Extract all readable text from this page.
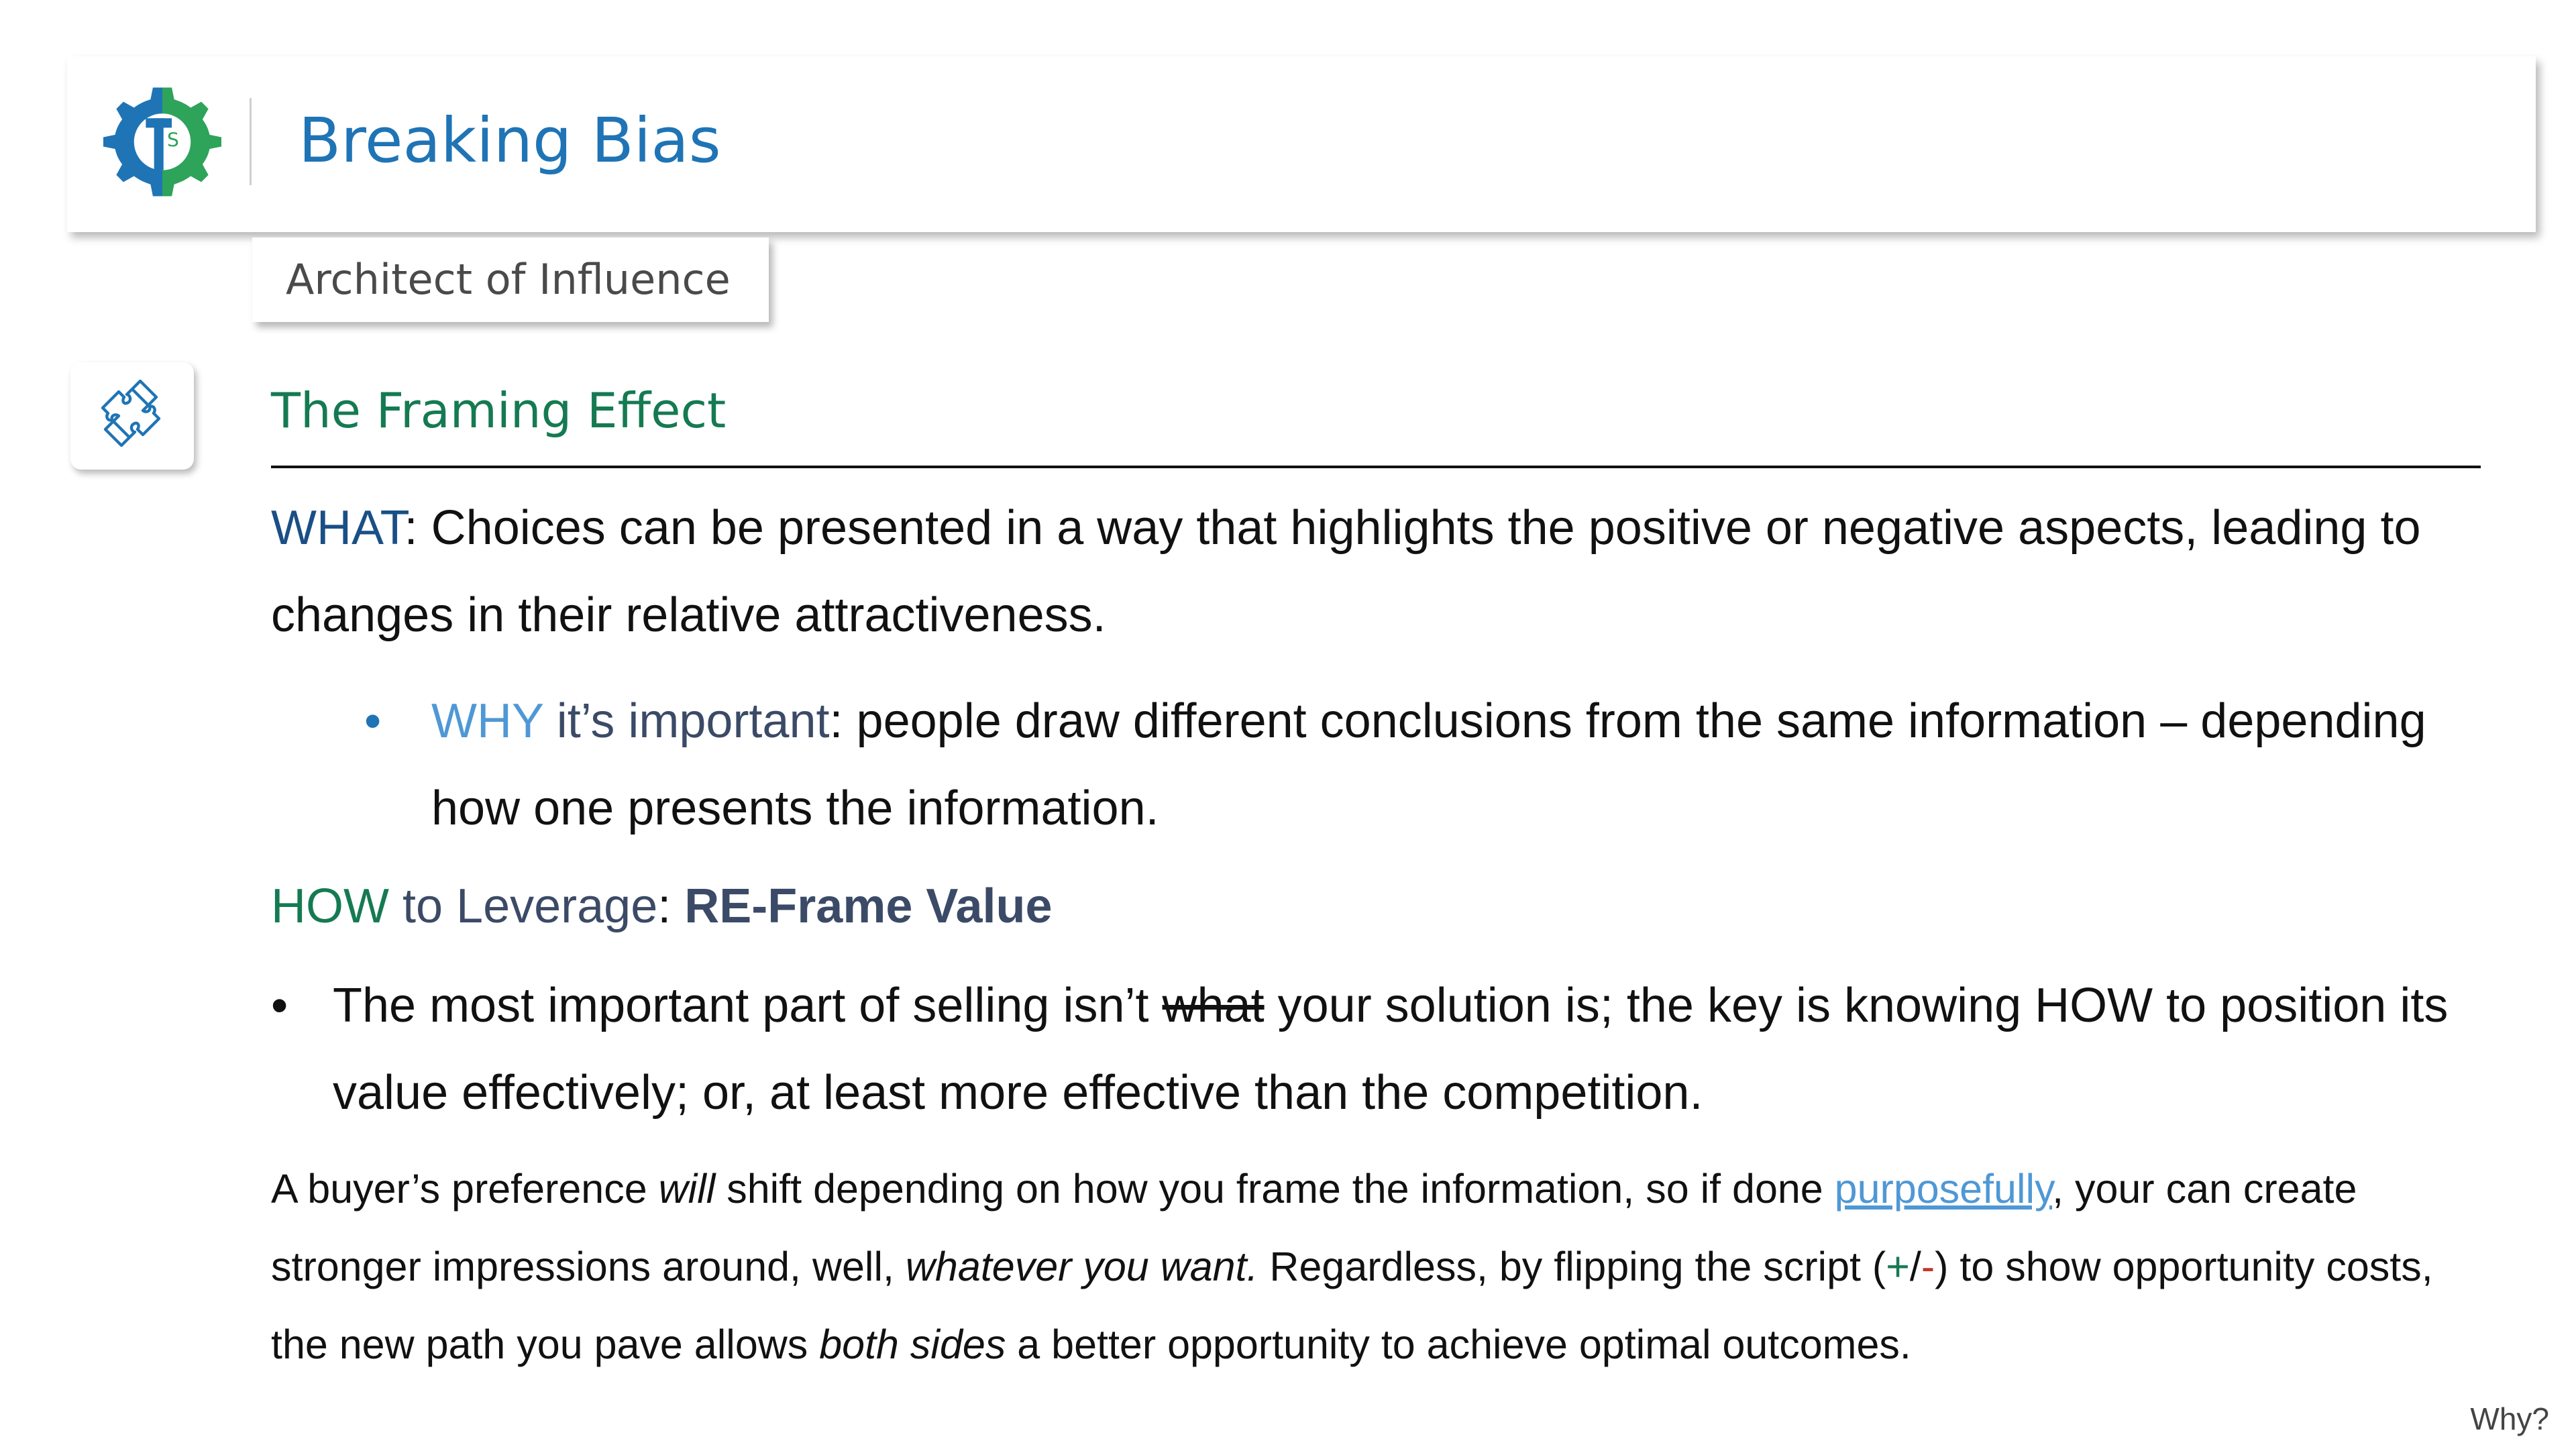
S Breaking Bias
Architect of Influence
The Framing Effect

WHAT: Choices can be presented in a way that highlights the positive or negative aspects, leading to changes in their relative attractiveness.

• WHY it’s important: people draw different conclusions from the same information – depending how one presents the information.

HOW to Leverage: RE-Frame Value

• The most important part of selling isn’t what your solution is; the key is knowing HOW to position its value effectively; or, at least more effective than the competition.

A buyer’s preference will shift depending on how you frame the information, so if done purposefully, your can create stronger impressions around, well, whatever you want. Regardless, by flipping the script (+/-) to show opportunity costs, the new path you pave allows both sides a better opportunity to achieve optimal outcomes.

Why?
